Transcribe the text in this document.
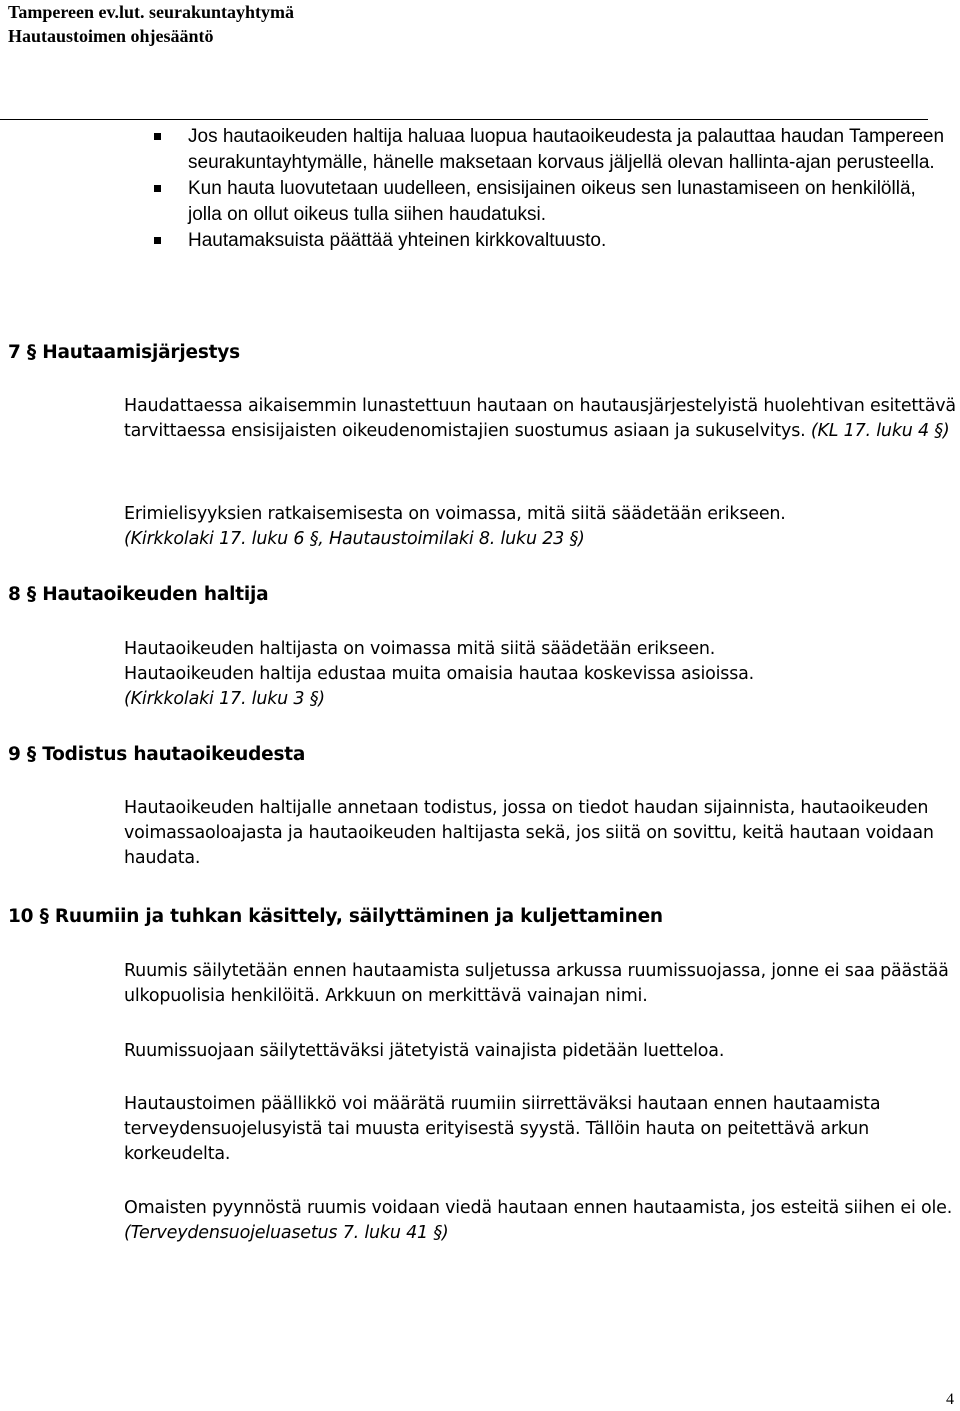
Tampereen ev.lut. seurakuntayhtymä
Hautaustoimen ohjesääntö

Jos hautaoikeuden haltija haluaa luopua hautaoikeudesta ja palauttaa haudan Tampereen seurakuntayhtymälle, hänelle maksetaan korvaus jäljellä olevan hallinta-ajan perusteella.

Kun hauta luovutetaan uudelleen, ensisijainen oikeus sen lunastamiseen on henkilöllä, jolla on ollut oikeus tulla siihen haudatuksi.

Hautamaksuista päättää yhteinen kirkkovaltuusto.

7 § Hautaamisjärjestys

Haudattaessa aikaisemmin lunastettuun hautaan on hautausjärjestelyistä huolehtivan esitettävä tarvittaessa ensisijaisten oikeudenomistajien suostumus asiaan ja sukuselvitys. (KL 17. luku 4 §)

Erimielisyyksien ratkaisemisesta on voimassa, mitä siitä säädetään erikseen.
(Kirkkolaki 17. luku 6 §, Hautaustoimilaki 8. luku 23 §)

8 § Hautaoikeuden haltija

Hautaoikeuden haltijasta on voimassa mitä siitä säädetään erikseen.
Hautaoikeuden haltija edustaa muita omaisia hautaa koskevissa asioissa.
(Kirkkolaki 17. luku 3 §)

9 § Todistus hautaoikeudesta

Hautaoikeuden haltijalle annetaan todistus, jossa on tiedot haudan sijainnista, hautaoikeuden voimassaoloajasta ja hautaoikeuden haltijasta sekä, jos siitä on sovittu, keitä hautaan voidaan haudata.

10 § Ruumiin ja tuhkan käsittely, säilyttäminen ja kuljettaminen

Ruumis säilytetään ennen hautaamista suljetussa arkussa ruumissuojassa, jonne ei saa päästää ulkopuolisia henkilöitä. Arkkuun on merkittävä vainajan nimi.

Ruumissuojaan säilytettäväksi jätetyistä vainajista pidetään luetteloa.

Hautaustoimen päällikkö voi määrätä ruumiin siirrettäväksi hautaan ennen hautaamista terveydensuojelusyistä tai muusta erityisestä syystä. Tällöin hauta on peitettävä arkun korkeudelta.

Omaisten pyynnöstä ruumis voidaan viedä hautaan ennen hautaamista, jos esteitä siihen ei ole.
(Terveydensuojeluasetus 7. luku 41 §)

4
